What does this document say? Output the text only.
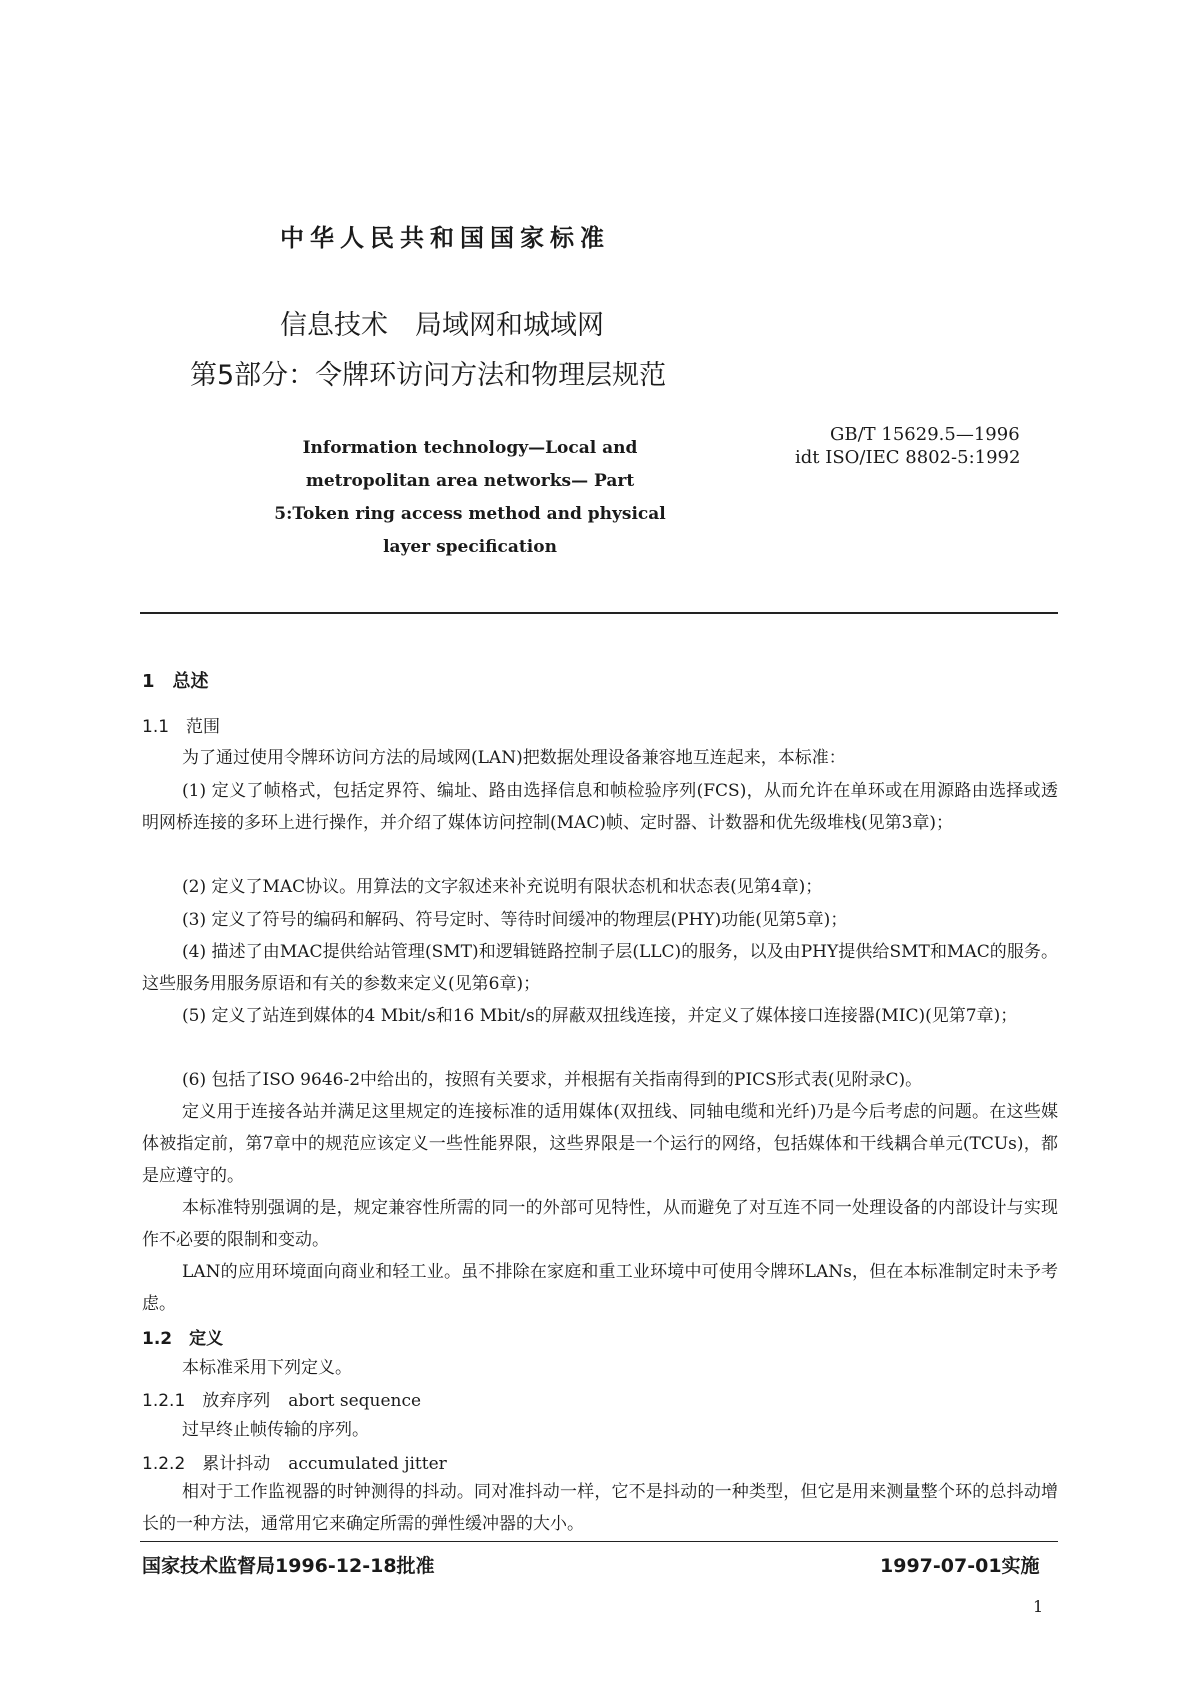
中华人民共和国国家标准
信息技术　局域网和城域网
第5部分：令牌环访问方法和物理层规范
Information technology—Local and metropolitan area networks— Part 5:Token ring access method and physical layer specification
GB/T 15629.5—1996
idt ISO/IEC 8802-5:1992
1　总述
1.1　范围
为了通过使用令牌环访问方法的局域网(LAN)把数据处理设备兼容地互连起来，本标准：
(1) 定义了帧格式，包括定界符、编址、路由选择信息和帧检验序列(FCS)，从而允许在单环或在用源路由选择或透明网桥连接的多环上进行操作，并介绍了媒体访问控制(MAC)帧、定时器、计数器和优先级堆栈(见第3章)；
(2) 定义了MAC协议。用算法的文字叙述来补充说明有限状态机和状态表(见第4章)；
(3) 定义了符号的编码和解码、符号定时、等待时间缓冲的物理层(PHY)功能(见第5章)；
(4) 描述了由MAC提供给站管理(SMT)和逻辑链路控制子层(LLC)的服务，以及由PHY提供给SMT和MAC的服务。这些服务用服务原语和有关的参数来定义(见第6章)；
(5) 定义了站连到媒体的4 Mbit/s和16 Mbit/s的屏蔽双扭线连接，并定义了媒体接口连接器(MIC)(见第7章)；
(6) 包括了ISO 9646-2中给出的，按照有关要求，并根据有关指南得到的PICS形式表(见附录C)。
定义用于连接各站并满足这里规定的连接标准的适用媒体(双扭线、同轴电缆和光纤)乃是今后考虑的问题。在这些媒体被指定前，第7章中的规范应该定义一些性能界限，这些界限是一个运行的网络，包括媒体和干线耦合单元(TCUs)，都是应遵守的。
本标准特别强调的是，规定兼容性所需的同一的外部可见特性，从而避免了对互连不同一处理设备的内部设计与实现作不必要的限制和变动。
LAN的应用环境面向商业和轻工业。虽不排除在家庭和重工业环境中可使用令牌环LANs，但在本标准制定时未予考虑。
1.2　定义
本标准采用下列定义。
1.2.1　放弃序列 abort sequence
过早终止帧传输的序列。
1.2.2　累计抖动 accumulated jitter
相对于工作监视器的时钟测得的抖动。同对准抖动一样，它不是抖动的一种类型，但它是用来测量整个环的总抖动增长的一种方法，通常用它来确定所需的弹性缓冲器的大小。
国家技术监督局1996-12-18批准	1997-07-01实施
1
